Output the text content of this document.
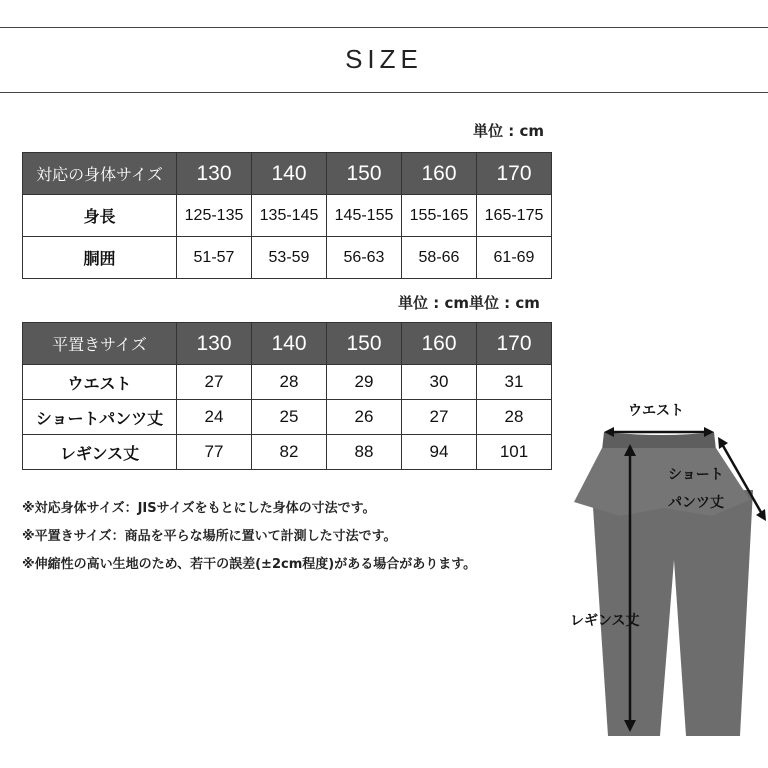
SIZE
単位 : cm
対応の身体サイズ	130	140	150	160	170
身長	125-135	135-145	145-155	155-165	165-175
胴囲	51-57	53-59	56-63	58-66	61-69
単位 : cm単位 : cm
平置きサイズ	130	140	150	160	170
ウエスト	27	28	29	30	31
ショートパンツ丈	24	25	26	27	28
レギンス丈	77	82	88	94	101
※対応身体サイズ：JISサイズをもとにした身体の寸法です。
※平置きサイズ：商品を平らな場所に置いて計測した寸法です。
※伸縮性の高い生地のため、若干の誤差(±2cm程度)がある場合があります。
ウエスト
ショート
パンツ丈
レギンス丈
